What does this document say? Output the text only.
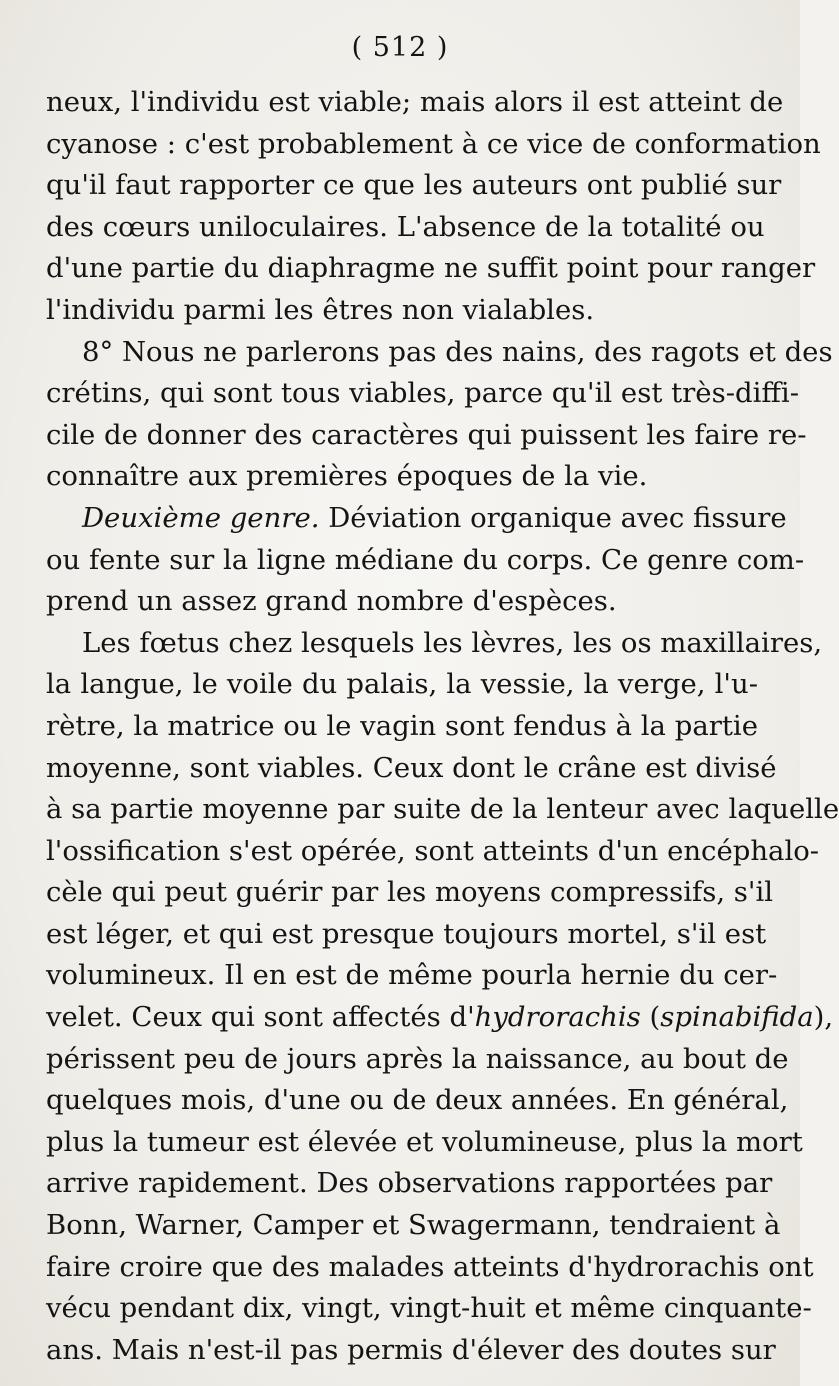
( 512 )
neux, l'individu est viable; mais alors il est atteint de
cyanose : c'est probablement à ce vice de conformation
qu'il faut rapporter ce que les auteurs ont publié sur
des cœurs uniloculaires. L'absence de la totalité ou
d'une partie du diaphragme ne suffit point pour ranger
l'individu parmi les êtres non vialables.
8° Nous ne parlerons pas des nains, des ragots et des
crétins, qui sont tous viables, parce qu'il est très-diffi-
cile de donner des caractères qui puissent les faire re-
connaître aux premières époques de la vie.
Deuxième genre. Déviation organique avec fissure
ou fente sur la ligne médiane du corps. Ce genre com-
prend un assez grand nombre d'espèces.
Les fœtus chez lesquels les lèvres, les os maxillaires,
la langue, le voile du palais, la vessie, la verge, l'u-
rètre, la matrice ou le vagin sont fendus à la partie
moyenne, sont viables. Ceux dont le crâne est divisé
à sa partie moyenne par suite de la lenteur avec laquelle
l'ossification s'est opérée, sont atteints d'un encéphalo-
cèle qui peut guérir par les moyens compressifs, s'il
est léger, et qui est presque toujours mortel, s'il est
volumineux. Il en est de même pourla hernie du cer-
velet. Ceux qui sont affectés d'hydrorachis (spinabifida),
périssent peu de jours après la naissance, au bout de
quelques mois, d'une ou de deux années. En général,
plus la tumeur est élevée et volumineuse, plus la mort
arrive rapidement. Des observations rapportées par
Bonn, Warner, Camper et Swagermann, tendraient à
faire croire que des malades atteints d'hydrorachis ont
vécu pendant dix, vingt, vingt-huit et même cinquante-
ans. Mais n'est-il pas permis d'élever des doutes sur
